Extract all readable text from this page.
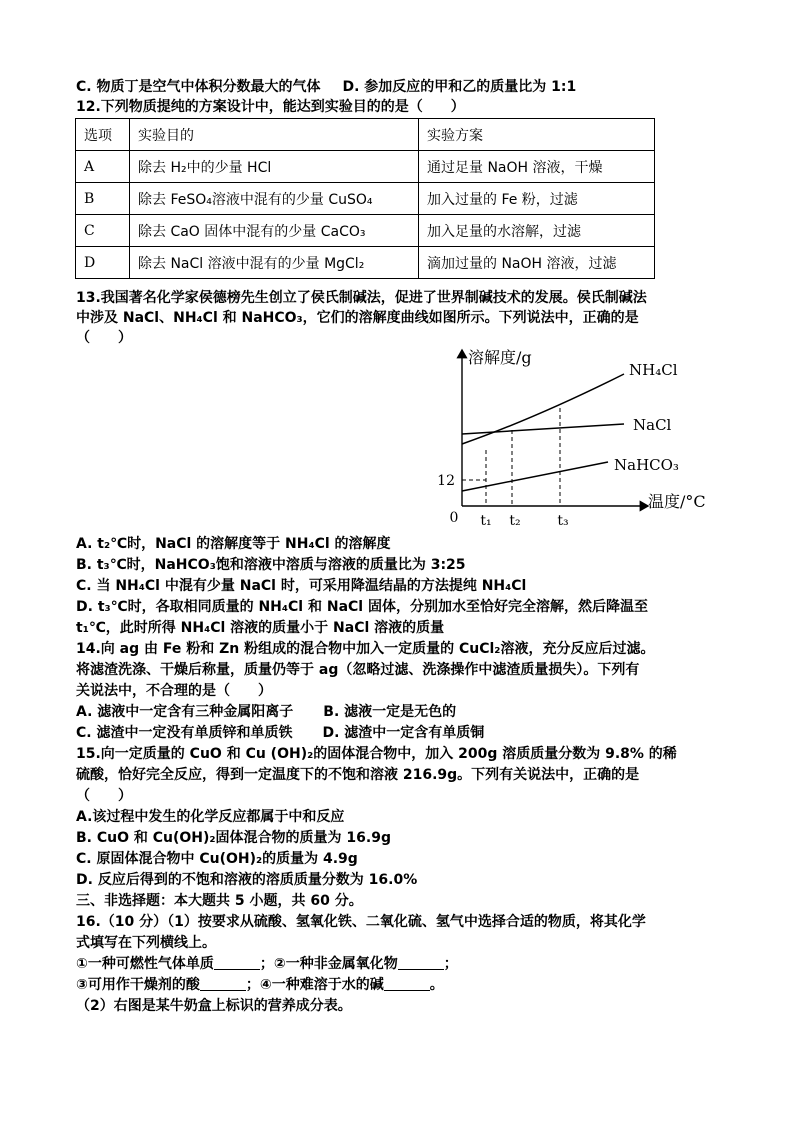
C. 物质丁是空气中体积分数最大的气体 D. 参加反应的甲和乙的质量比为 1:1
12.下列物质提纯的方案设计中，能达到实验目的的是（　　）
选项	实验目的	实验方案
A	除去 H₂中的少量 HCl	通过足量 NaOH 溶液，干燥
B	除去 FeSO₄溶液中混有的少量 CuSO₄	加入过量的 Fe 粉，过滤
C	除去 CaO 固体中混有的少量 CaCO₃	加入足量的水溶解，过滤
D	除去 NaCl 溶液中混有的少量 MgCl₂	滴加过量的 NaOH 溶液，过滤
13.我国著名化学家侯德榜先生创立了侯氏制碱法，促进了世界制碱技术的发展。侯氏制碱法
中涉及 NaCl、NH₄Cl 和 NaHCO₃，它们的溶解度曲线如图所示。下列说法中，正确的是
（　　）
溶解度/g
温度/°C
0
12
t₁ t₂	t₃
NH₄Cl
NaCl
NaHCO₃
A. t₂℃时，NaCl 的溶解度等于 NH₄Cl 的溶解度
B. t₃℃时，NaHCO₃饱和溶液中溶质与溶液的质量比为 3:25
C. 当 NH₄Cl 中混有少量 NaCl 时，可采用降温结晶的方法提纯 NH₄Cl
D. t₃℃时，各取相同质量的 NH₄Cl 和 NaCl 固体，分别加水至恰好完全溶解，然后降温至
t₁℃，此时所得 NH₄Cl 溶液的质量小于 NaCl 溶液的质量
14.向 ag 由 Fe 粉和 Zn 粉组成的混合物中加入一定质量的 CuCl₂溶液，充分反应后过滤。
将滤渣洗涤、干燥后称量，质量仍等于 ag（忽略过滤、洗涤操作中滤渣质量损失）。下列有
关说法中，不合理的是（　　）
A. 滤液中一定含有三种金属阳离子 B. 滤液一定是无色的
C. 滤渣中一定没有单质锌和单质铁 D. 滤渣中一定含有单质铜
15.向一定质量的 CuO 和 Cu (OH)₂的固体混合物中，加入 200g 溶质质量分数为 9.8% 的稀
硫酸，恰好完全反应，得到一定温度下的不饱和溶液 216.9g。下列有关说法中，正确的是
（　　）
A.该过程中发生的化学反应都属于中和反应
B. CuO 和 Cu(OH)₂固体混合物的质量为 16.9g
C. 原固体混合物中 Cu(OH)₂的质量为 4.9g
D. 反应后得到的不饱和溶液的溶质质量分数为 16.0%
三、非选择题：本大题共 5 小题，共 60 分。
16.（10 分）（1）按要求从硫酸、氢氧化铁、二氧化硫、氢气中选择合适的物质，将其化学
式填写在下列横线上。
①一种可燃性气体单质	；②一种非金属氧化物	；
③可用作干燥剂的酸	；④一种难溶于水的碱	。
（2）右图是某牛奶盒上标识的营养成分表。
